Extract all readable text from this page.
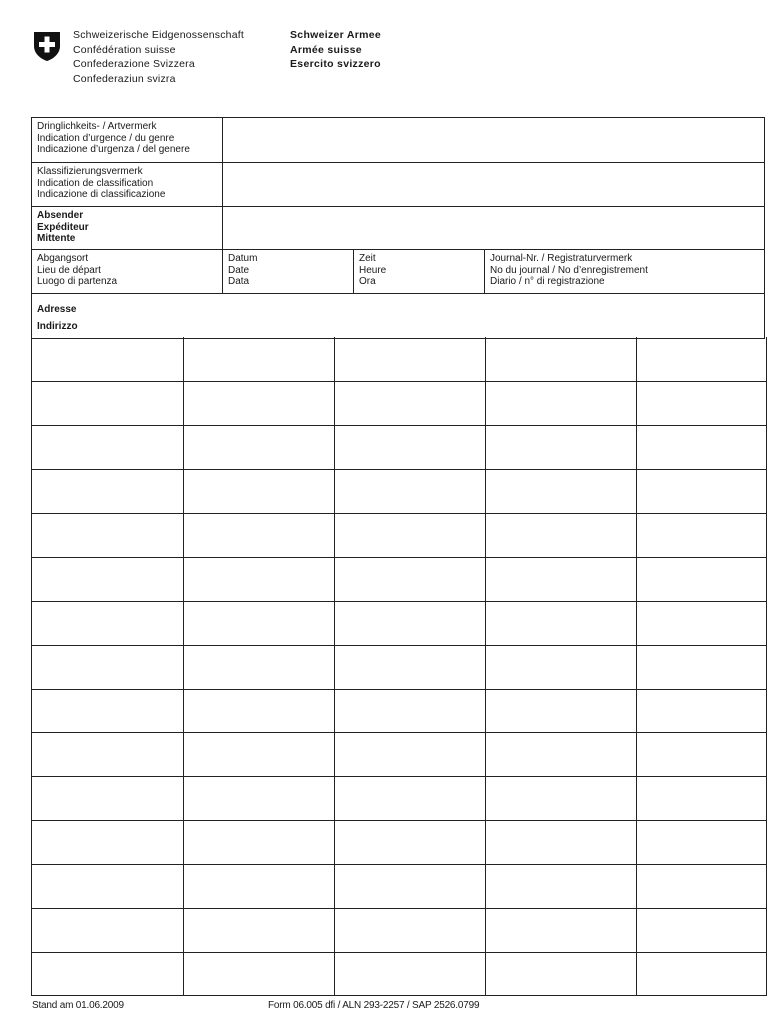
Schweizerische Eidgenossenschaft
Confédération suisse
Confederazione Svizzera
Confederaziun svizra
Schweizer Armee
Armée suisse
Esercito svizzero
Dringlichkeits- / Artvermerk
Indication d’urgence / du genre
Indicazione d’urgenza / del genere
Klassifizierungsvermerk
Indication de classification
Indicazione di classificazione
Absender
Expéditeur
Mittente
Abgangsort
Lieu de départ
Luogo di partenza
Datum
Date
Data
Zeit
Heure
Ora
Journal-Nr. / Registraturvermerk
No du journal / No d’enregistrement
Diario / n° di registrazione
Adresse
Indirizzo
Stand am 01.06.2009	Form 06.005 dfi / ALN 293-2257 / SAP 2526.0799
